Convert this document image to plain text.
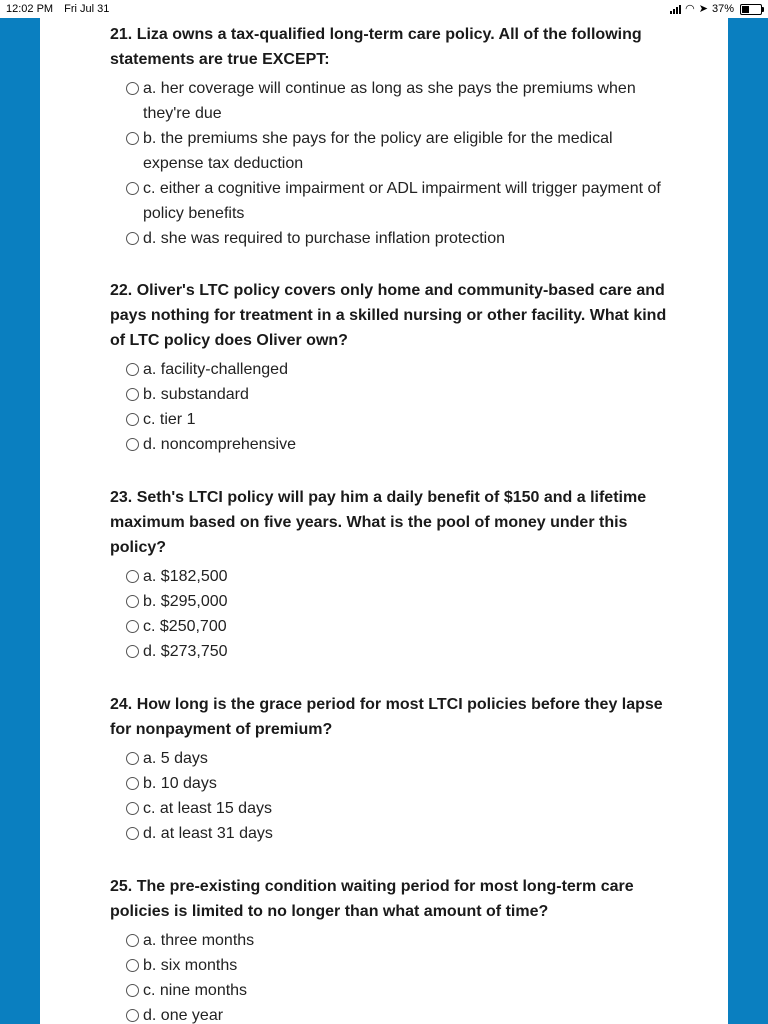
12:02 PM Fri Jul 31	◠ ➤ 37%

21. Liza owns a tax-qualified long-term care policy. All of the following statements are true EXCEPT:

a. her coverage will continue as long as she pays the premiums when they're due
b. the premiums she pays for the policy are eligible for the medical expense tax deduction
c. either a cognitive impairment or ADL impairment will trigger payment of policy benefits
d. she was required to purchase inflation protection

22. Oliver's LTC policy covers only home and community-based care and pays nothing for treatment in a skilled nursing or other facility. What kind of LTC policy does Oliver own?

a. facility-challenged
b. substandard
c. tier 1
d. noncomprehensive

23. Seth's LTCI policy will pay him a daily benefit of $150 and a lifetime maximum based on five years. What is the pool of money under this policy?

a. $182,500
b. $295,000
c. $250,700
d. $273,750

24. How long is the grace period for most LTCI policies before they lapse for nonpayment of premium?

a. 5 days
b. 10 days
c. at least 15 days
d. at least 31 days

25. The pre-existing condition waiting period for most long-term care policies is limited to no longer than what amount of time?

a. three months
b. six months
c. nine months
d. one year
